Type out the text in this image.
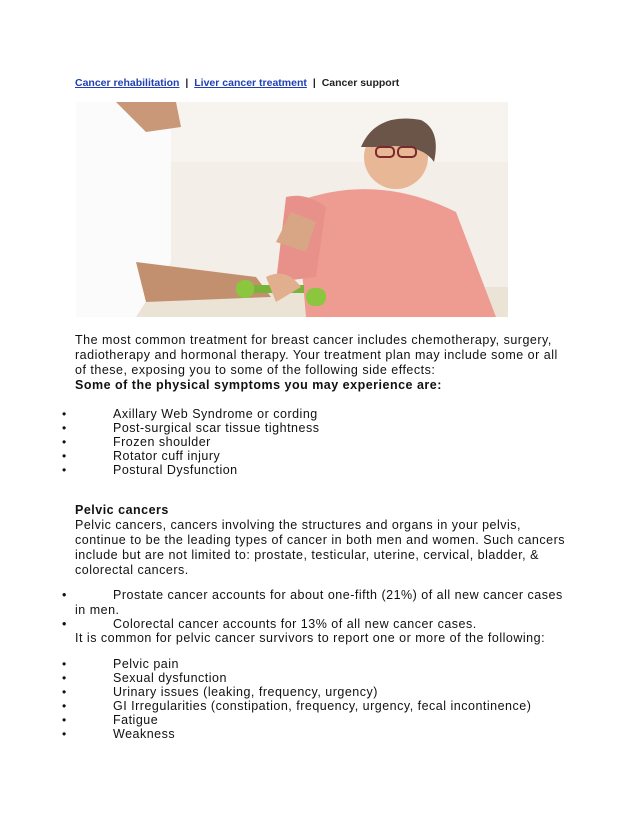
Cancer rehabilitation | Liver cancer treatment | Cancer support
The most common treatment for breast cancer includes chemotherapy, surgery, radiotherapy and hormonal therapy. Your treatment plan may include some or all of these, exposing you to some of the following side effects:
Some of the physical symptoms you may experience are:
•	Axillary Web Syndrome or cording
•	Post-surgical scar tissue tightness
•	Frozen shoulder
•	Rotator cuff injury
•	Postural Dysfunction
Pelvic cancers
Pelvic cancers, cancers involving the structures and organs in your pelvis, continue to be the leading types of cancer in both men and women. Such cancers include but are not limited to: prostate, testicular, uterine, cervical, bladder, & colorectal cancers.
•	Prostate cancer accounts for about one-fifth (21%) of all new cancer cases
in men.
•	Colorectal cancer accounts for 13% of all new cancer cases.
It is common for pelvic cancer survivors to report one or more of the following:
•	Pelvic pain
•	Sexual dysfunction
•	Urinary issues (leaking, frequency, urgency)
•	GI Irregularities (constipation, frequency, urgency, fecal incontinence)
•	Fatigue
•	Weakness
